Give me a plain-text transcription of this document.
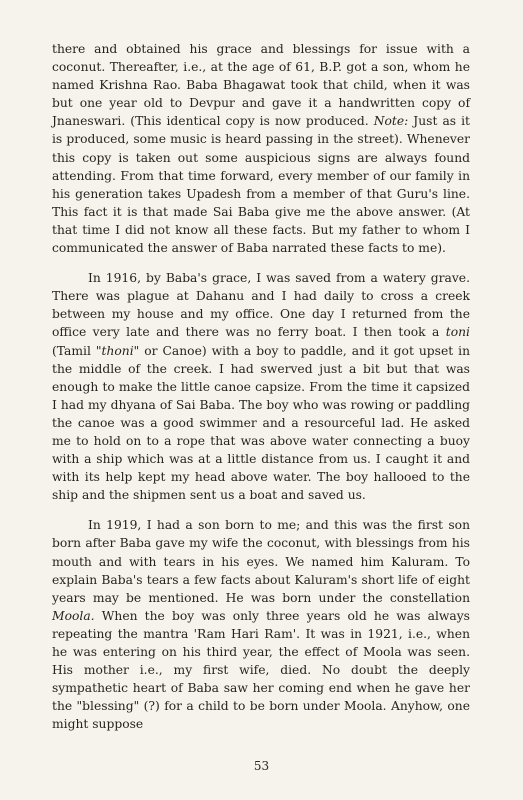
there and obtained his grace and blessings for issue with a coconut. Thereafter, i.e., at the age of 61, B.P. got a son, whom he named Krishna Rao. Baba Bhagawat took that child, when it was but one year old to Devpur and gave it a handwritten copy of Jnaneswari. (This identical copy is now produced. Note: Just as it is produced, some music is heard passing in the street). Whenever this copy is taken out some auspicious signs are always found attending. From that time forward, every member of our family in his generation takes Upadesh from a member of that Guru's line. This fact it is that made Sai Baba give me the above answer. (At that time I did not know all these facts. But my father to whom I communicated the answer of Baba narrated these facts to me).

In 1916, by Baba's grace, I was saved from a watery grave. There was plague at Dahanu and I had daily to cross a creek between my house and my office. One day I returned from the office very late and there was no ferry boat. I then took a toni (Tamil "thoni" or Canoe) with a boy to paddle, and it got upset in the middle of the creek. I had swerved just a bit but that was enough to make the little canoe capsize. From the time it capsized I had my dhyana of Sai Baba. The boy who was rowing or paddling the canoe was a good swimmer and a resourceful lad. He asked me to hold on to a rope that was above water connecting a buoy with a ship which was at a little distance from us. I caught it and with its help kept my head above water. The boy hallooed to the ship and the shipmen sent us a boat and saved us.

In 1919, I had a son born to me; and this was the first son born after Baba gave my wife the coconut, with blessings from his mouth and with tears in his eyes. We named him Kaluram. To explain Baba's tears a few facts about Kaluram's short life of eight years may be mentioned. He was born under the constellation Moola. When the boy was only three years old he was always repeating the mantra 'Ram Hari Ram'. It was in 1921, i.e., when he was entering on his third year, the effect of Moola was seen. His mother i.e., my first wife, died. No doubt the deeply sympathetic heart of Baba saw her coming end when he gave her the "blessing" (?) for a child to be born under Moola. Anyhow, one might suppose

53
